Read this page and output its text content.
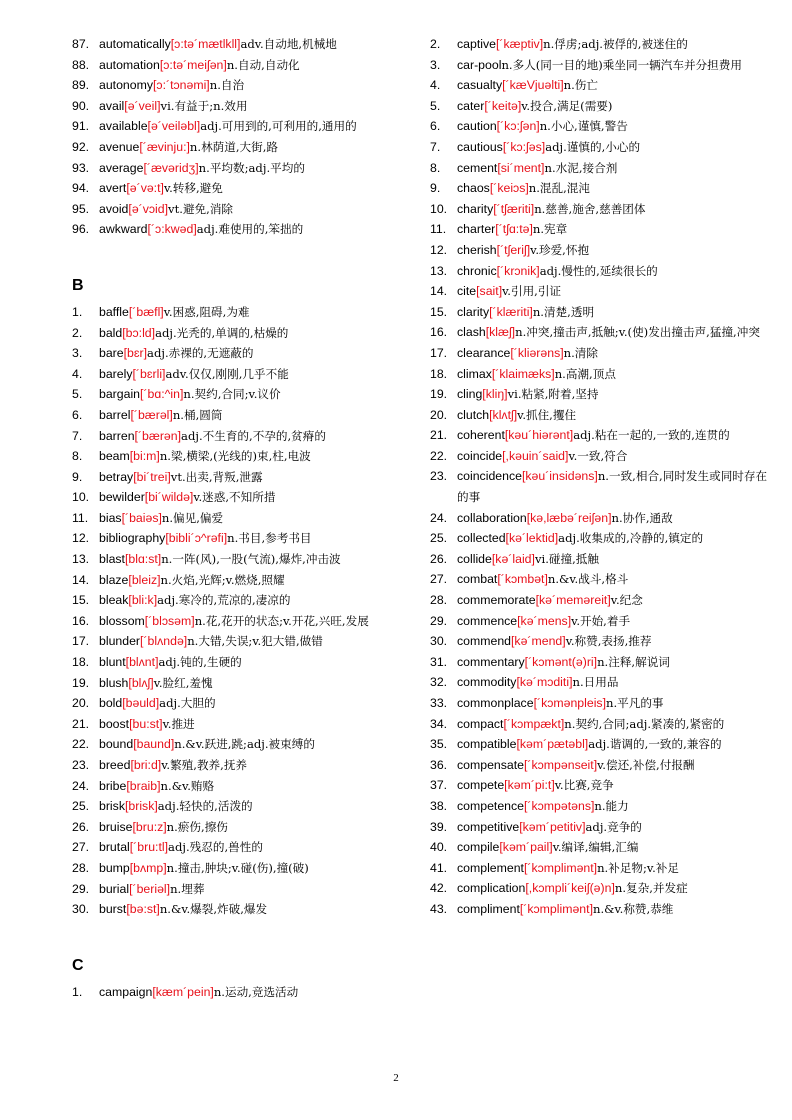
87. automatically[ɔ:tə´mætlkll]adv.自动地,机械地
88. automation[ɔ:tə´meiʃən]n.自动,自动化
89. autonomy[ɔ:´tɔnəmi]n.自治
90. avail[ə´veil]vi.有益于;n.效用
91. available[ə´veiləbl]adj.可用到的,可利用的,通用的
92. avenue[´ævinju:]n.林荫道,大街,路
93. average[´ævəridʒ]n.平均数;adj.平均的
94. avert[ə´və:t]v.转移,避免
95. avoid[ə´vɔid]vt.避免,消除
96. awkward[´ɔ:kwəd]adj.难使用的,笨拙的
B
1.	baffle[´bæfl]v.困惑,阻碍,为难
2.	bald[bɔ:ld]adj.光秃的,单调的,枯燥的
3.	bare[bɛr]adj.赤裸的,无遮蔽的
4.	barely[´bɛrli]adv.仅仅,刚刚,几乎不能
5.	bargain[´bɑ:^in]n.契约,合同;v.议价
6.	barrel[´bærəl]n.桶,圆筒
7.	barren[´bærən]adj.不生育的,不孕的,贫瘠的
8.	beam[bi:m]n.梁,横梁,(光线的)束,柱,电波
9.	betray[bi´trei]vt.出卖,背叛,泄露
10. bewilder[bi´wildə]v.迷惑,不知所措
11. bias[´baiəs]n.偏见,偏爱
12. bibliography[bibli´ɔ^rəfi]n.书目,参考书目
13. blast[blɑ:st]n.一阵(风),一股(气流),爆炸,冲击波
14. blaze[bleiz]n.火焰,光辉;v.燃烧,照耀
15. bleak[bli:k]adj.寒冷的,荒凉的,凄凉的
16. blossom[´blɔsəm]n.花,花开的状态;v.开花,兴旺,发展
17. blunder[´blʌndə]n.大错,失误;v.犯大错,做错
18. blunt[blʌnt]adj.钝的,生硬的
19. blush[blʌʃ]v.脸红,羞愧
20. bold[bəuld]adj.大胆的
21. boost[bu:st]v.推进
22. bound[baund]n.&v.跃进,跳;adj.被束缚的
23. breed[bri:d]v.繁殖,教养,抚养
24. bribe[braib]n.&v.贿赂
25. brisk[brisk]adj.轻快的,活泼的
26. bruise[bru:z]n.瘀伤,擦伤
27. brutal[´bru:tl]adj.残忍的,兽性的
28. bump[bʌmp]n.撞击,肿块;v.碰(伤),撞(破)
29. burial[´beriəl]n.埋葬
30. burst[bə:st]n.&v.爆裂,炸破,爆发
C
1.	campaign[kæm´pein]n.运动,竞选活动
2.	captive[´kæptiv]n.俘虏;adj.被俘的,被迷住的
3.	car-pooln.多人(同一目的地)乘坐同一辆汽车并分担费用
4.	casualty[´kæVjuəlti]n.伤亡
5.	cater[´keitə]v.投合,满足(需要)
6.	caution[´kɔ:ʃən]n.小心,谨慎,警告
7.	cautious[´kɔ:ʃəs]adj.谨慎的,小心的
8.	cement[si´ment]n.水泥,接合剂
9.	chaos[´keiɔs]n.混乱,混沌
10. charity[´tʃæriti]n.慈善,施舍,慈善团体
11. charter[´tʃɑ:tə]n.宪章
12. cherish[´tʃeriʃ]v.珍爱,怀抱
13. chronic[´krɔnik]adj.慢性的,延续很长的
14. cite[sait]v.引用,引证
15. clarity[´klæriti]n.清楚,透明
16. clash[klæʃ]n.冲突,撞击声,抵触;v.(使)发出撞击声,猛撞,冲突
17. clearance[´kliərəns]n.清除
18. climax[´klaimæks]n.高潮,顶点
19. cling[kliŋ]vi.粘紧,附着,坚持
20. clutch[klʌtʃ]v.抓住,攫住
21. coherent[kəu´hiərənt]adj.粘在一起的,一致的,连贯的
22. coincide[,kəuin´said]v.一致,符合
23. coincidence[kəu´insidəns]n.一致,相合,同时发生或同时存在的事
24. collaboration[kə,læbə´reiʃən]n.协作,通敌
25. collected[kə´lektid]adj.收集成的,冷静的,镇定的
26. collide[kə´laid]vi.碰撞,抵触
27. combat[´kɔmbət]n.&v.战斗,格斗
28. commemorate[kə´meməreit]v.纪念
29. commence[kə´mens]v.开始,着手
30. commend[kə´mend]v.称赞,表扬,推荐
31. commentary[´kɔmənt(ə)ri]n.注释,解说词
32. commodity[kə´mɔditi]n.日用品
33. commonplace[´kɔmənpleis]n.平凡的事
34. compact[´kɔmpækt]n.契约,合同;adj.紧凑的,紧密的
35. compatible[kəm´pætəbl]adj.谐调的,一致的,兼容的
36. compensate[´kɔmpənseit]v.偿还,补偿,付报酬
37. compete[kəm´pi:t]v.比赛,竞争
38. competence[´kɔmpətəns]n.能力
39. competitive[kəm´petitiv]adj.竞争的
40. compile[kəm´pail]v.编译,编辑,汇编
41. complement[´kɔmplimənt]n.补足物;v.补足
42. complication[,kɔmpli´keiʃ(ə)n]n.复杂,并发症
43. compliment[´kɔmplimənt]n.&v.称赞,恭维
2
